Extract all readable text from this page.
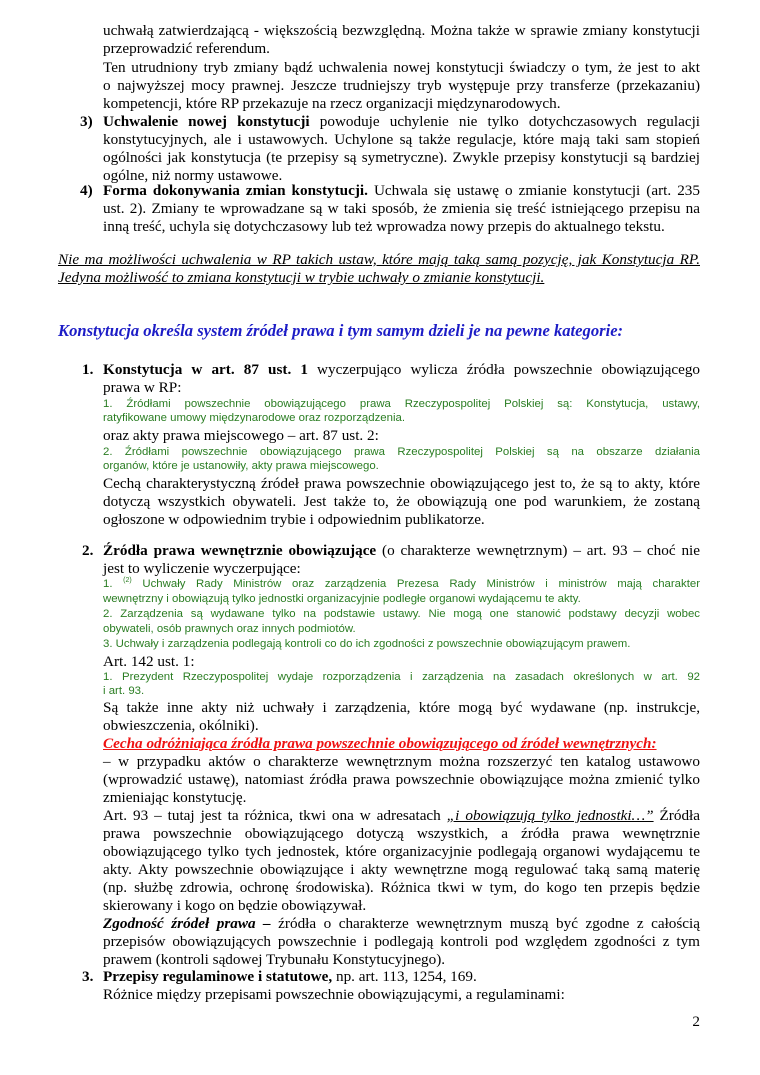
uchwałą zatwierdzającą - większością bezwzględną. Można także w sprawie zmiany konstytucji
przeprowadzić referendum.
Ten utrudniony tryb zmiany bądź uchwalenia nowej konstytucji świadczy o tym, że jest to akt
o najwyższej mocy prawnej. Jeszcze trudniejszy tryb występuje przy transferze (przekazaniu)
kompetencji, które RP przekazuje na rzecz organizacji międzynarodowych.
3) Uchwalenie nowej konstytucji powoduje uchylenie nie tylko dotychczasowych regulacji
konstytucyjnych, ale i ustawowych. Uchylone są także regulacje, które mają taki sam stopień
ogólności jak konstytucja (te przepisy są symetryczne). Zwykle przepisy konstytucji są bardziej
ogólne, niż normy ustawowe.
4) Forma dokonywania zmian konstytucji. Uchwala się ustawę o zmianie konstytucji (art. 235
ust. 2). Zmiany te wprowadzane są w taki sposób, że zmienia się treść istniejącego przepisu na
inną treść, uchyla się dotychczasowy lub też wprowadza nowy przepis do aktualnego tekstu.
Nie ma możliwości uchwalenia w RP takich ustaw, które mają taką samą pozycję, jak Konstytucja RP.
Jedyna możliwość to zmiana konstytucji w trybie uchwały o zmianie konstytucji.
Konstytucja określa system źródeł prawa i tym samym dzieli je na pewne kategorie:
1. Konstytucja w art. 87 ust. 1 wyczerpująco wylicza źródła powszechnie obowiązującego
prawa w RP:
1. Źródłami powszechnie obowiązującego prawa Rzeczypospolitej Polskiej są: Konstytucja, ustawy,
ratyfikowane umowy międzynarodowe oraz rozporządzenia.
oraz akty prawa miejscowego – art. 87 ust. 2:
2. Źródłami powszechnie obowiązującego prawa Rzeczypospolitej Polskiej są na obszarze działania
organów, które je ustanowiły, akty prawa miejscowego.
Cechą charakterystyczną źródeł prawa powszechnie obowiązującego jest to, że są to akty, które
dotyczą wszystkich obywateli. Jest także to, że obowiązują one pod warunkiem, że zostaną
ogłoszone w odpowiednim trybie i odpowiednim publikatorze.
2. Źródła prawa wewnętrznie obowiązujące (o charakterze wewnętrznym) – art. 93 – choć nie
jest to wyliczenie wyczerpujące:
1. $^{(2)}$ Uchwały Rady Ministrów oraz zarządzenia Prezesa Rady Ministrów i ministrów mają charakter
wewnętrzny i obowiązują tylko jednostki organizacyjnie podległe organowi wydającemu te akty.
2. Zarządzenia są wydawane tylko na podstawie ustawy. Nie mogą one stanowić podstawy decyzji wobec
obywateli, osób prawnych oraz innych podmiotów.
3. Uchwały i zarządzenia podlegają kontroli co do ich zgodności z powszechnie obowiązującym prawem.
Art. 142 ust. 1:
1. Prezydent Rzeczypospolitej wydaje rozporządzenia i zarządzenia na zasadach określonych w art. 92
i art. 93.
Są także inne akty niż uchwały i zarządzenia, które mogą być wydawane (np. instrukcje,
obwieszczenia, okólniki).
Cecha odróżniająca źródła prawa powszechnie obowiązującego od źródeł wewnętrznych:
– w przypadku aktów o charakterze wewnętrznym można rozszerzyć ten katalog ustawowo
(wprowadzić ustawę), natomiast źródła prawa powszechnie obowiązujące można zmienić tylko
zmieniając konstytucję.
Art. 93 – tutaj jest ta różnica, tkwi ona w adresatach „i obowiązują tylko jednostki…” Źródła
prawa powszechnie obowiązującego dotyczą wszystkich, a źródła prawa wewnętrznie
obowiązującego tylko tych jednostek, które organizacyjnie podlegają organowi wydającemu te
akty. Akty powszechnie obowiązujące i akty wewnętrzne mogą regulować taką samą materię
(np. służbę zdrowia, ochronę środowiska). Różnica tkwi w tym, do kogo ten przepis będzie
skierowany i kogo on będzie obowiązywał.
Zgodność źródeł prawa – źródła o charakterze wewnętrznym muszą być zgodne z całością
przepisów obowiązujących powszechnie i podlegają kontroli pod względem zgodności z tym
prawem (kontroli sądowej Trybunału Konstytucyjnego).
3. Przepisy regulaminowe i statutowe, np. art. 113, 1254, 169.
Różnice między przepisami powszechnie obowiązującymi, a regulaminami:
2
